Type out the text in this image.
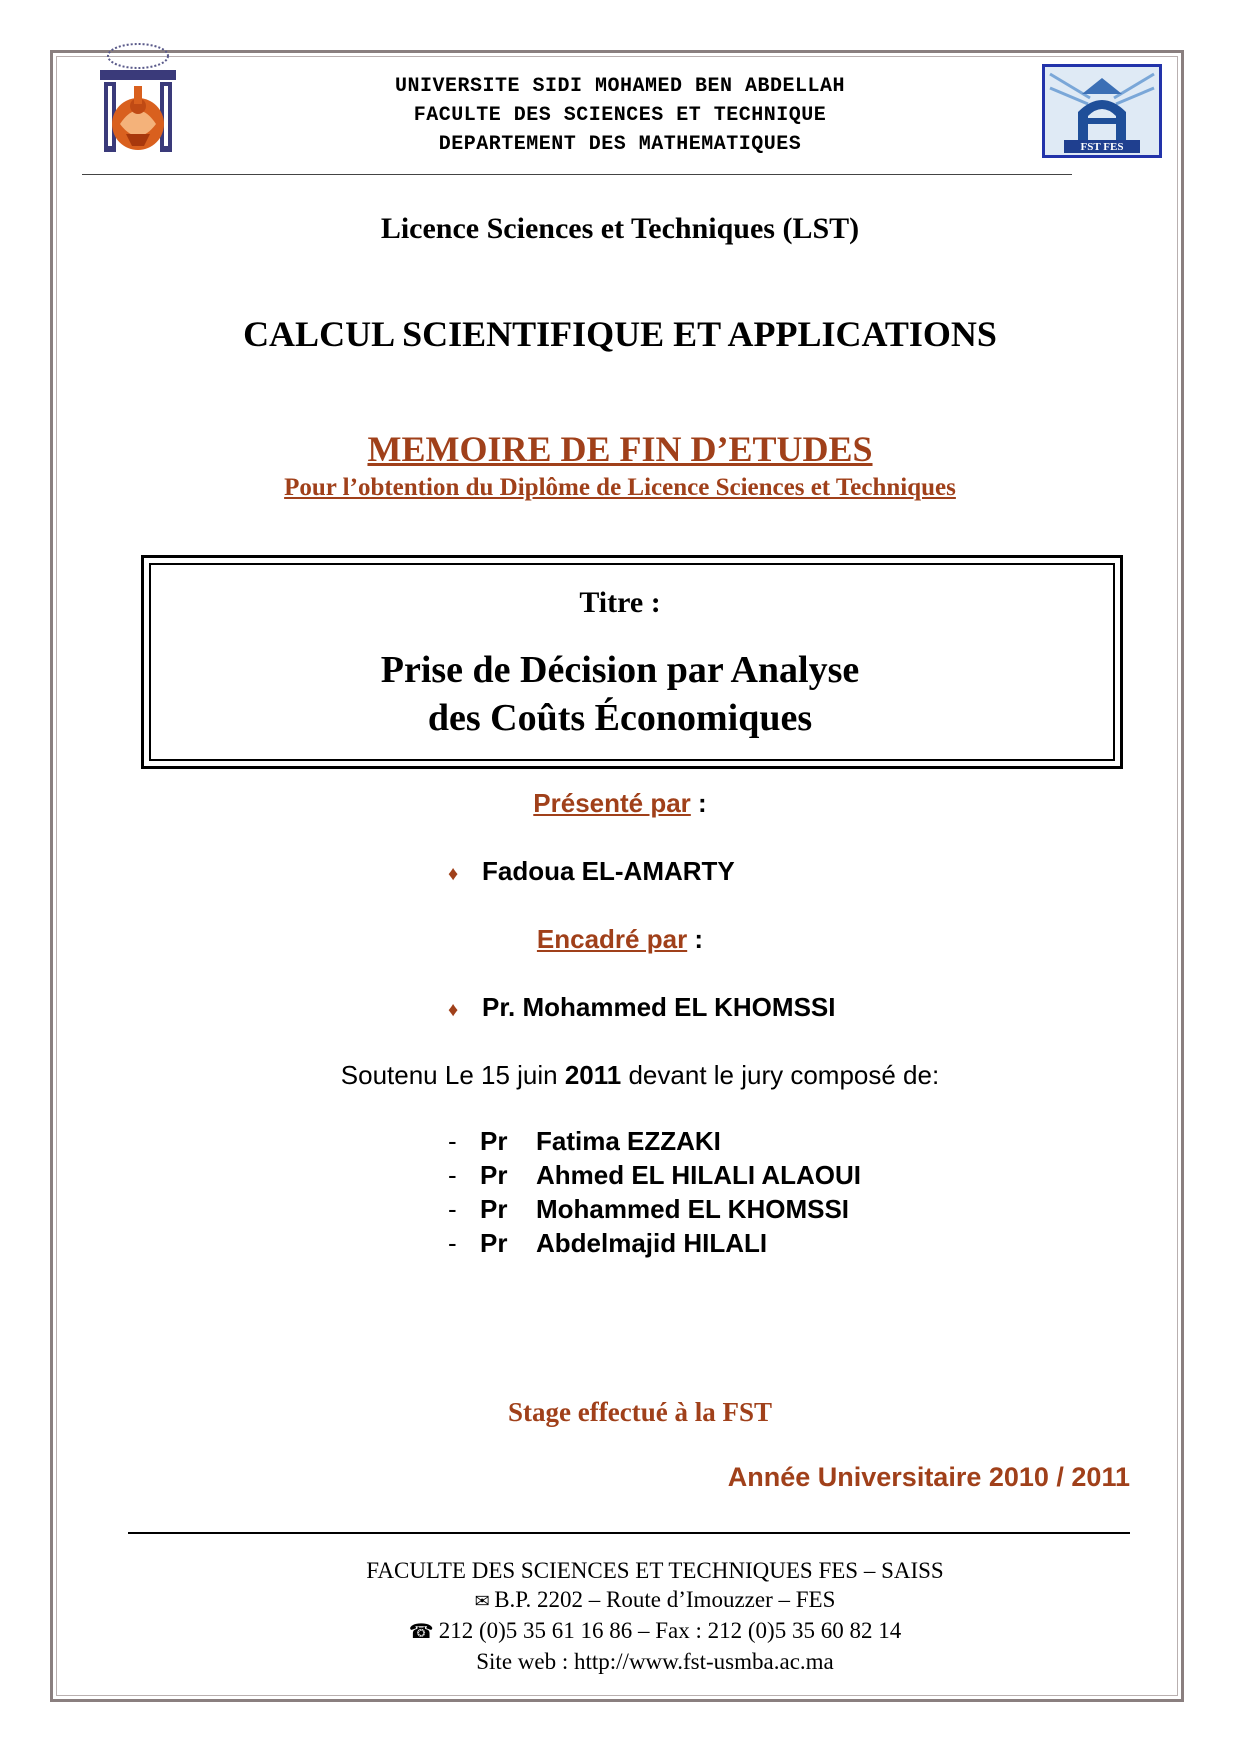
UNIVERSITE SIDI MOHAMED BEN ABDELLAH
FACULTE DES SCIENCES ET TECHNIQUE
DEPARTEMENT DES MATHEMATIQUES	FST FES
Licence Sciences et Techniques (LST)
CALCUL SCIENTIFIQUE ET APPLICATIONS
MEMOIRE DE FIN D’ETUDES
Pour l’obtention du Diplôme de Licence Sciences et Techniques
Titre :
Prise de Décision par Analyse
des Coûts Économiques
Présenté par :
♦ Fadoua EL-AMARTY
Encadré par :
♦ Pr. Mohammed EL KHOMSSI
Soutenu Le 15 juin 2011 devant le jury composé de:
- Pr Fatima EZZAKI
- Pr Ahmed EL HILALI ALAOUI
- Pr Mohammed EL KHOMSSI
- Pr Abdelmajid HILALI
Stage effectué à la FST
Année Universitaire 2010 / 2011
FACULTE DES SCIENCES ET TECHNIQUES FES – SAISS
✉ B.P. 2202 – Route d’Imouzzer – FES
☎ 212 (0)5 35 61 16 86 – Fax : 212 (0)5 35 60 82 14
Site web : http://www.fst-usmba.ac.ma
